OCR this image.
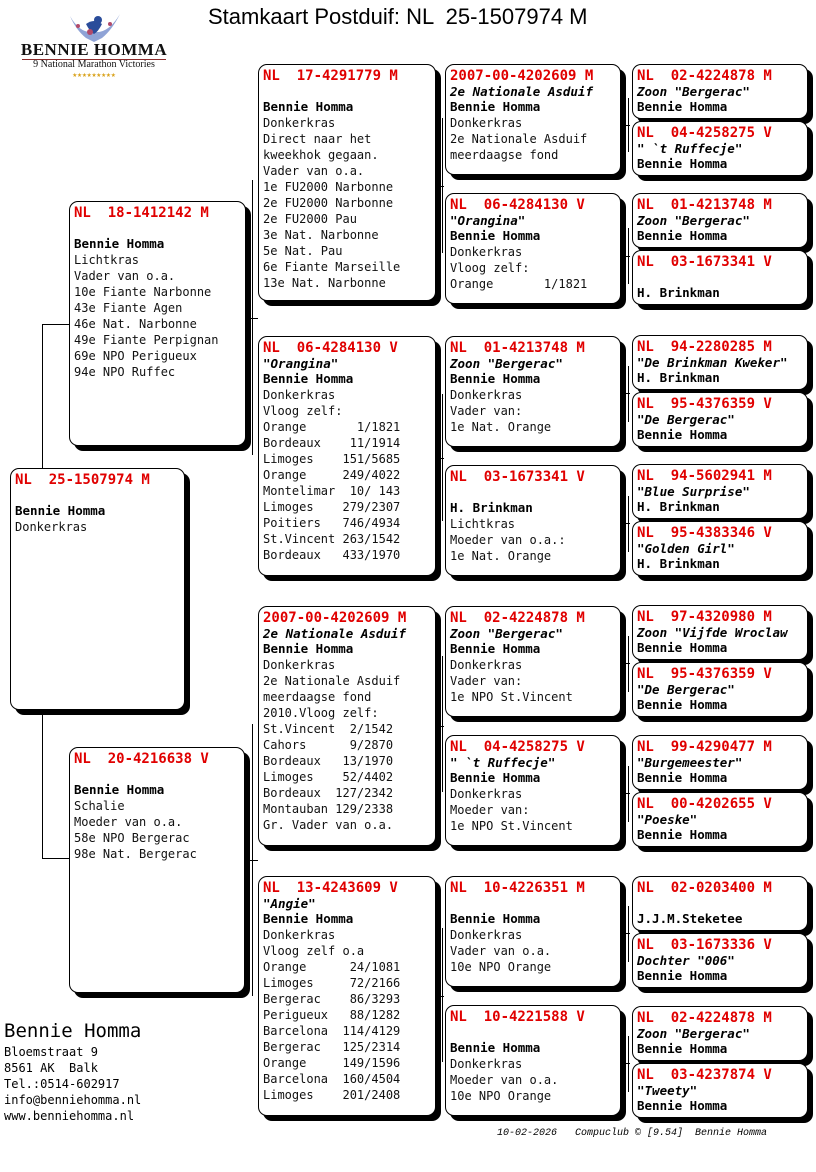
Stamkaart Postduif: NL  25-1507974 M
BENNIE HOMMA
9 National Marathon Victories
★★★★★★★★★
NL  25-1507974 M
Bennie Homma
Donkerkras
NL  18-1412142 M
Bennie Homma
Lichtkras
Vader van o.a.
10e Fiante Narbonne
43e Fiante Agen
46e Nat. Narbonne
49e Fiante Perpignan
69e NPO Perigueux
94e NPO Ruffec
NL  20-4216638 V
Bennie Homma
Schalie
Moeder van o.a.
58e NPO Bergerac
98e Nat. Bergerac
NL  17-4291779 M
Bennie Homma
Donkerkras
Direct naar het
kweekhok gegaan.
Vader van o.a.
1e FU2000 Narbonne
2e FU2000 Narbonne
2e FU2000 Pau
3e Nat. Narbonne
5e Nat. Pau
6e Fiante Marseille
13e Nat. Narbonne
NL  06-4284130 V
"Orangina"
Bennie Homma
Donkerkras
Vloog zelf:
Orange       1/1821
Bordeaux    11/1914
Limoges    151/5685
Orange     249/4022
Montelimar  10/ 143
Limoges    279/2307
Poitiers   746/4934
St.Vincent 263/1542
Bordeaux   433/1970
2007-00-4202609 M
2e Nationale Asduif
Bennie Homma
Donkerkras
2e Nationale Asduif
meerdaagse fond
2010.Vloog zelf:
St.Vincent  2/1542
Cahors      9/2870
Bordeaux   13/1970
Limoges    52/4402
Bordeaux  127/2342
Montauban 129/2338
Gr. Vader van o.a.
NL  13-4243609 V
"Angie"
Bennie Homma
Donkerkras
Vloog zelf o.a
Orange      24/1081
Limoges     72/2166
Bergerac    86/3293
Perigueux   88/1282
Barcelona  114/4129
Bergerac   125/2314
Orange     149/1596
Barcelona  160/4504
Limoges    201/2408
2007-00-4202609 M
2e Nationale Asduif
Bennie Homma
Donkerkras
2e Nationale Asduif
meerdaagse fond
NL  06-4284130 V
"Orangina"
Bennie Homma
Donkerkras
Vloog zelf:
Orange       1/1821
NL  01-4213748 M
Zoon "Bergerac"
Bennie Homma
Donkerkras
Vader van:
1e Nat. Orange
NL  03-1673341 V
H. Brinkman
Lichtkras
Moeder van o.a.:
1e Nat. Orange
NL  02-4224878 M
Zoon "Bergerac"
Bennie Homma
Donkerkras
Vader van:
1e NPO St.Vincent
NL  04-4258275 V
" `t Ruffecje"
Bennie Homma
Donkerkras
Moeder van:
1e NPO St.Vincent
NL  10-4226351 M
Bennie Homma
Donkerkras
Vader van o.a.
10e NPO Orange
NL  10-4221588 V
Bennie Homma
Donkerkras
Moeder van o.a.
10e NPO Orange
NL  02-4224878 M
Zoon "Bergerac"
Bennie Homma
NL  04-4258275 V
" `t Ruffecje"
Bennie Homma
NL  01-4213748 M
Zoon "Bergerac"
Bennie Homma
NL  03-1673341 V
H. Brinkman
NL  94-2280285 M
"De Brinkman Kweker"
H. Brinkman
NL  95-4376359 V
"De Bergerac"
Bennie Homma
NL  94-5602941 M
"Blue Surprise"
H. Brinkman
NL  95-4383346 V
"Golden Girl"
H. Brinkman
NL  97-4320980 M
Zoon "Vijfde Wroclaw
Bennie Homma
NL  95-4376359 V
"De Bergerac"
Bennie Homma
NL  99-4290477 M
"Burgemeester"
Bennie Homma
NL  00-4202655 V
"Poeske"
Bennie Homma
NL  02-0203400 M
J.J.M.Steketee
NL  03-1673336 V
Dochter "006"
Bennie Homma
NL  02-4224878 M
Zoon "Bergerac"
Bennie Homma
NL  03-4237874 V
"Tweety"
Bennie Homma
Bennie Homma
Bloemstraat 9
8561 AK  Balk
Tel.:0514-602917
info@benniehomma.nl
www.benniehomma.nl
10-02-2026   Compuclub © [9.54]  Bennie Homma
